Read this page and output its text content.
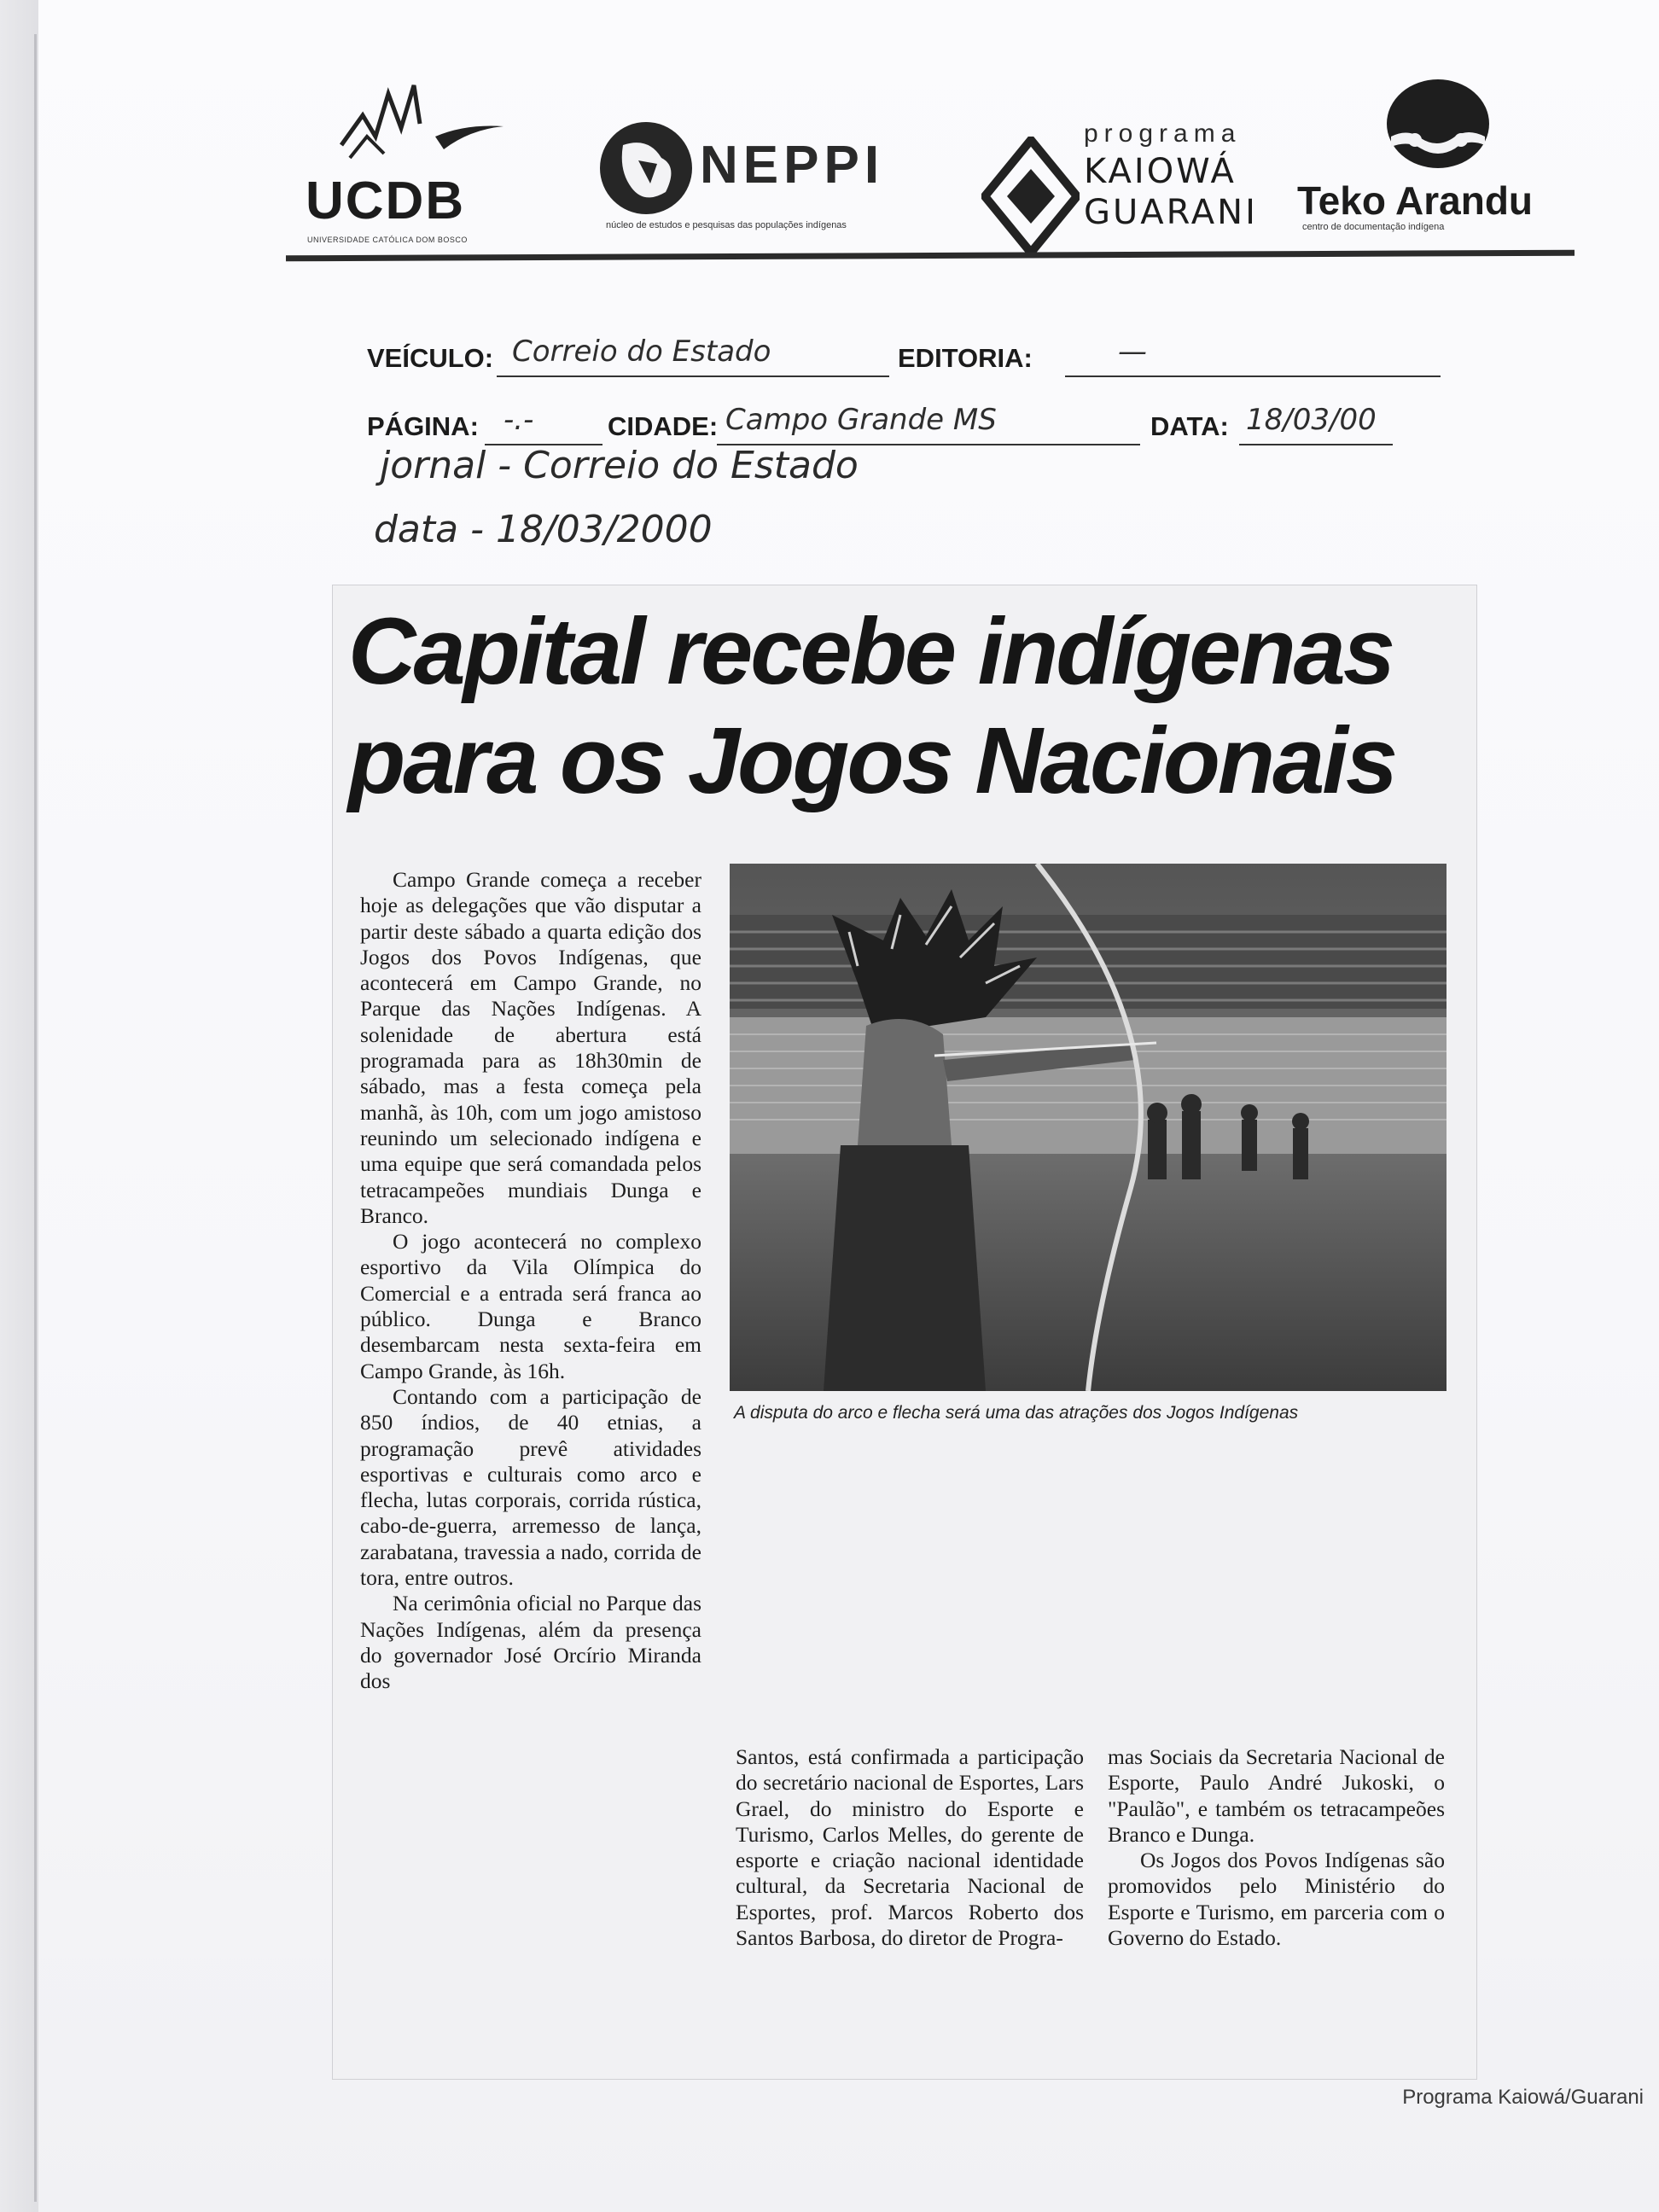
UCDB
UNIVERSIDADE CATÓLICA DOM BOSCO
NEPPI
núcleo de estudos e pesquisas das populações indígenas
programa
KAIOWÁ
GUARANI Teko Arandu
centro de documentação indígena
VEÍCULO: Correio do Estado	EDITORIA:	—
PÁGINA: -.-	CIDADE: Campo Grande MS	DATA: 18/03/00
jornal - Correio do Estado
data - 18/03/2000
Capital recebe indígenas
para os Jogos Nacionais

Campo Grande começa a receber hoje as delegações que vão disputar a partir deste sábado a quarta edição dos Jogos dos Povos Indígenas, que acontecerá em Campo Grande, no Parque das Nações Indígenas. A solenidade de abertura está programada para as 18h30min de sábado, mas a festa começa pela manhã, às 10h, com um jogo amistoso reunindo um selecionado indígena e uma equipe que será comandada pelos tetracampeões mundiais Dunga e Branco.

O jogo acontecerá no complexo esportivo da Vila Olímpica do Comercial e a entrada será franca ao público. Dunga e Branco desembarcam nesta sexta-feira em Campo Grande, às 16h.

Contando com a participação de 850 índios, de 40 etnias, a programação prevê atividades esportivas e culturais como arco e flecha, lutas corporais, corrida rústica, cabo-de-guerra, arremesso de lança, zarabatana, travessia a nado, corrida de tora, entre outros.

Na cerimônia oficial no Parque das Nações Indígenas, além da presença do governador José Orcírio Miranda dos

A disputa do arco e flecha será uma das atrações dos Jogos Indígenas

Santos, está confirmada a participação do secretário nacional de Esportes, Lars Grael, do ministro do Esporte e Turismo, Carlos Melles, do gerente de esporte e criação nacional identidade cultural, da Secretaria Nacional de Esportes, prof. Marcos Roberto dos Santos Barbosa, do diretor de Progra-

mas Sociais da Secretaria Nacional de Esporte, Paulo André Jukoski, o "Paulão", e também os tetracampeões Branco e Dunga.

Os Jogos dos Povos Indígenas são promovidos pelo Ministério do Esporte e Turismo, em parceria com o Governo do Estado.

Programa Kaiowá/Guarani
